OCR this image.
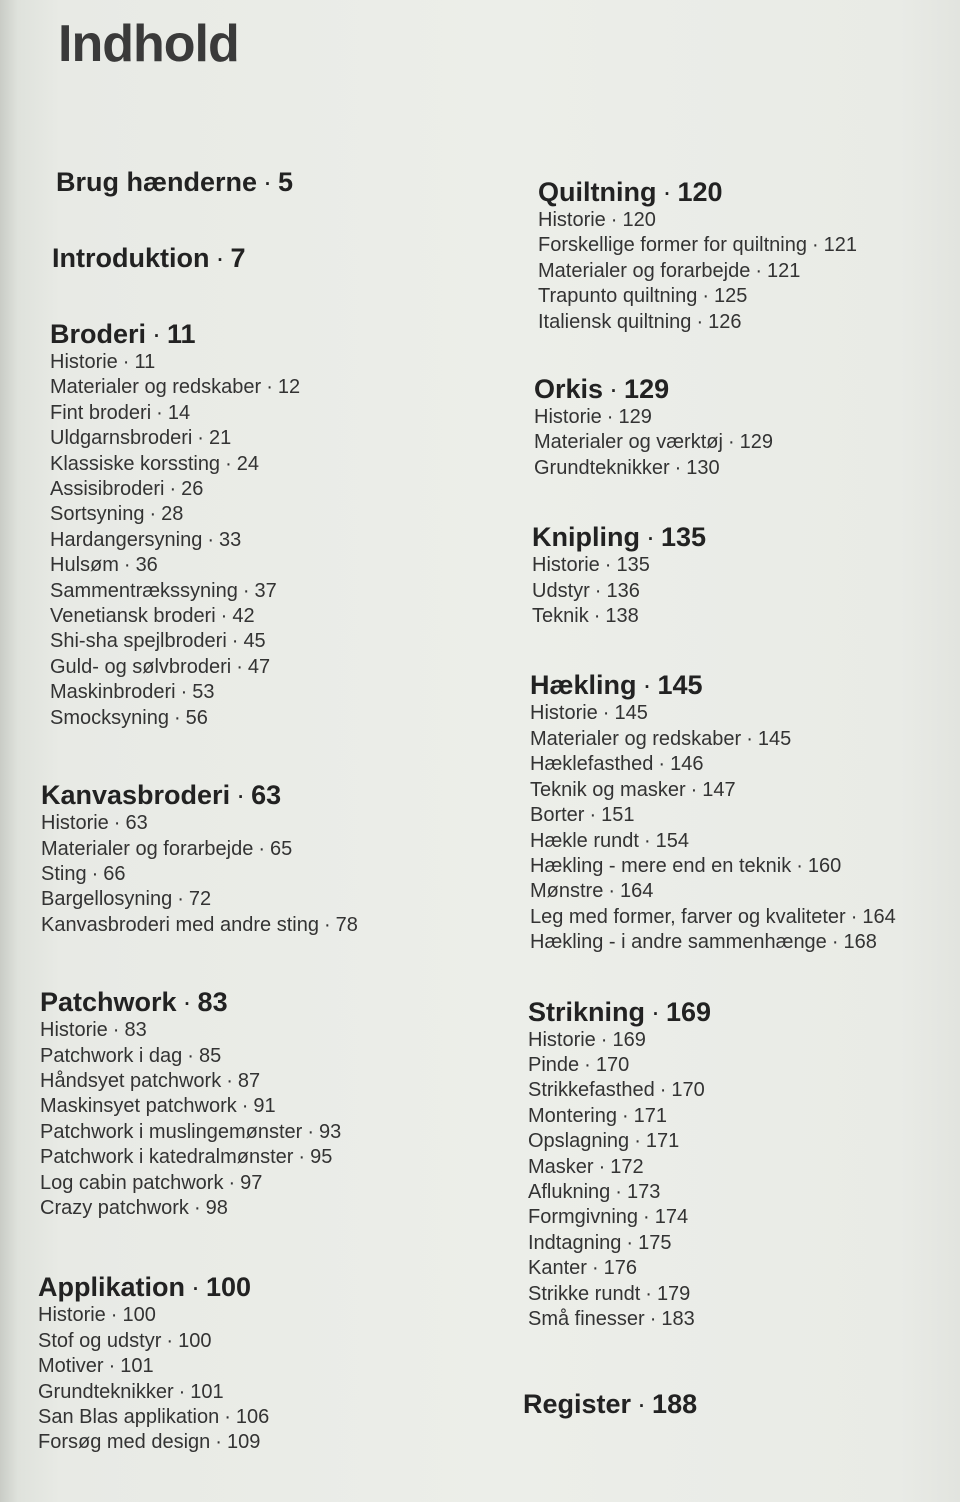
Indhold
Brug hænderne · 5
Introduktion · 7
Broderi · 11
Historie · 11
Materialer og redskaber · 12
Fint broderi · 14
Uldgarnsbroderi · 21
Klassiske korssting · 24
Assisibroderi · 26
Sortsyning · 28
Hardangersyning · 33
Hulsøm · 36
Sammentrækssyning · 37
Venetiansk broderi · 42
Shi-sha spejlbroderi · 45
Guld- og sølvbroderi · 47
Maskinbroderi · 53
Smocksyning · 56
Kanvasbroderi · 63
Historie · 63
Materialer og forarbejde · 65
Sting · 66
Bargellosyning · 72
Kanvasbroderi med andre sting · 78
Patchwork · 83
Historie · 83
Patchwork i dag · 85
Håndsyet patchwork · 87
Maskinsyet patchwork · 91
Patchwork i muslingemønster · 93
Patchwork i katedralmønster · 95
Log cabin patchwork · 97
Crazy patchwork · 98
Applikation · 100
Historie · 100
Stof og udstyr · 100
Motiver · 101
Grundteknikker · 101
San Blas applikation · 106
Forsøg med design · 109
Quiltning · 120
Historie · 120
Forskellige former for quiltning · 121
Materialer og forarbejde · 121
Trapunto quiltning · 125
Italiensk quiltning · 126
Orkis · 129
Historie · 129
Materialer og værktøj · 129
Grundteknikker · 130
Knipling · 135
Historie · 135
Udstyr · 136
Teknik · 138
Hækling · 145
Historie · 145
Materialer og redskaber · 145
Hæklefasthed · 146
Teknik og masker · 147
Borter · 151
Hækle rundt · 154
Hækling - mere end en teknik · 160
Mønstre · 164
Leg med former, farver og kvaliteter · 164
Hækling - i andre sammenhænge · 168
Strikning · 169
Historie · 169
Pinde · 170
Strikkefasthed · 170
Montering · 171
Opslagning · 171
Masker · 172
Aflukning · 173
Formgivning · 174
Indtagning · 175
Kanter · 176
Strikke rundt · 179
Små finesser · 183
Register · 188
